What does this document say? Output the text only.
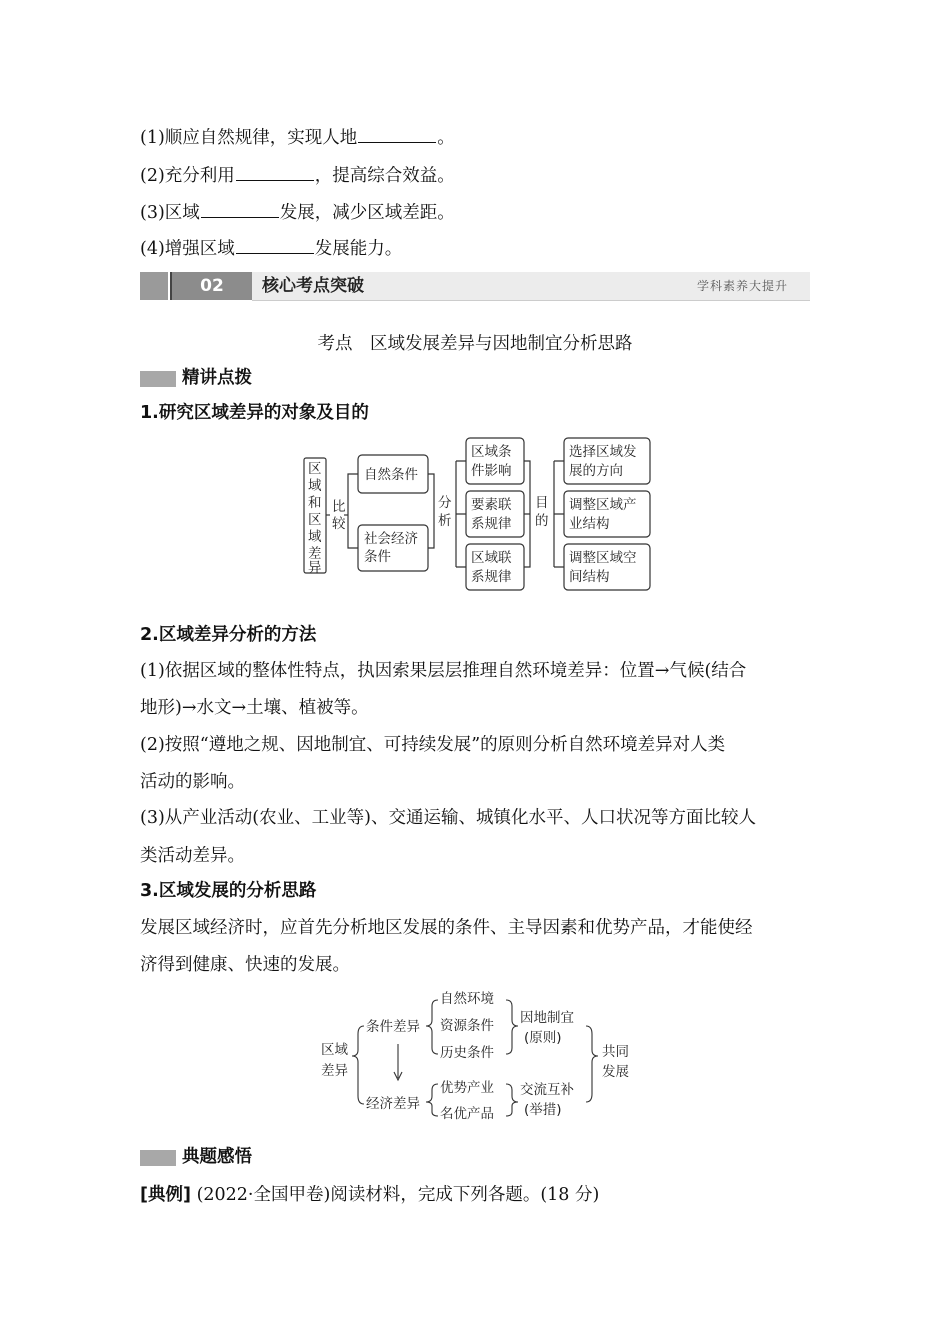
(1)顺应自然规律，实现人地	。
(2)充分利用	，提高综合效益。
(3)区域	发展，减少区域差距。
(4)增强区域	发展能力。
02	核心考点突破	学科素养大提升
考点　区域发展差异与因地制宜分析思路
精讲点拨
1.研究区域差异的对象及目的
区 域 和 区 域 差 异
比较
自然条件
社会经济条件
分析
区域条件影响
要素联系规律
区域联系规律
目的
选择区域发展的方向
调整区域产业结构
调整区域空间结构
2.区域差异分析的方法
(1)依据区域的整体性特点，执因索果层层推理自然环境差异：位置→气候(结合
地形)→水文→土壤、植被等。
(2)按照“遵地之规、因地制宜、可持续发展”的原则分析自然环境差异对人类
活动的影响。
(3)从产业活动(农业、工业等)、交通运输、城镇化水平、人口状况等方面比较人
类活动差异。
3.区域发展的分析思路
发展区域经济时，应首先分析地区发展的条件、主导因素和优势产品，才能使经
济得到健康、快速的发展。
区域 差异
条件差异
经济差异
自然环境
资源条件
历史条件
优势产业
名优产品
因地制宜 (原则)
交流互补 (举措)
共同 发展
典题感悟
[典例] (2022·全国甲卷)阅读材料，完成下列各题。(18 分)
